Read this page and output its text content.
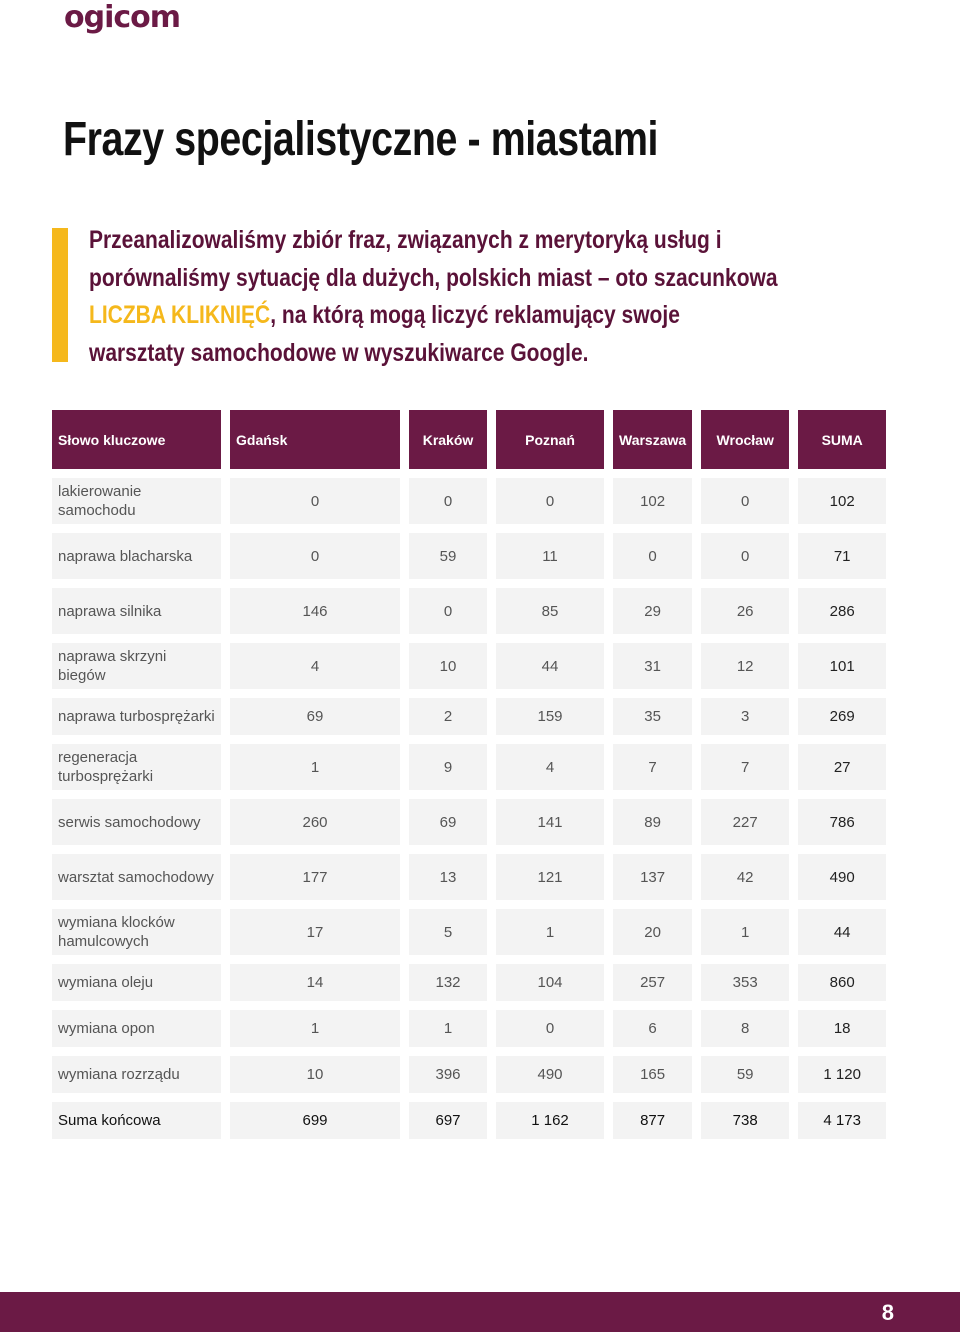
ogicom
Frazy specjalistyczne - miastami
Przeanalizowaliśmy zbiór fraz, związanych z merytoryką usług i porównaliśmy sytuację dla dużych, polskich miast – oto szacunkowa LICZBA KLIKNIĘĆ, na którą mogą liczyć reklamujący swoje warsztaty samochodowe w wyszukiwarce Google.
Słowo kluczowe	Gdańsk	Kraków	Poznań	Warszawa	Wrocław	SUMA
lakierowanie samochodu	0	0	0	102	0	102
naprawa blacharska	0	59	11	0	0	71
naprawa silnika	146	0	85	29	26	286
naprawa skrzyni biegów	4	10	44	31	12	101
naprawa turbosprężarki	69	2	159	35	3	269
regeneracja turbosprężarki	1	9	4	7	7	27
serwis samochodowy	260	69	141	89	227	786
warsztat samochodowy	177	13	121	137	42	490
wymiana klocków hamulcowych	17	5	1	20	1	44
wymiana oleju	14	132	104	257	353	860
wymiana opon	1	1	0	6	8	18
wymiana rozrządu	10	396	490	165	59	1 120
Suma końcowa	699	697	1 162	877	738	4 173
8
